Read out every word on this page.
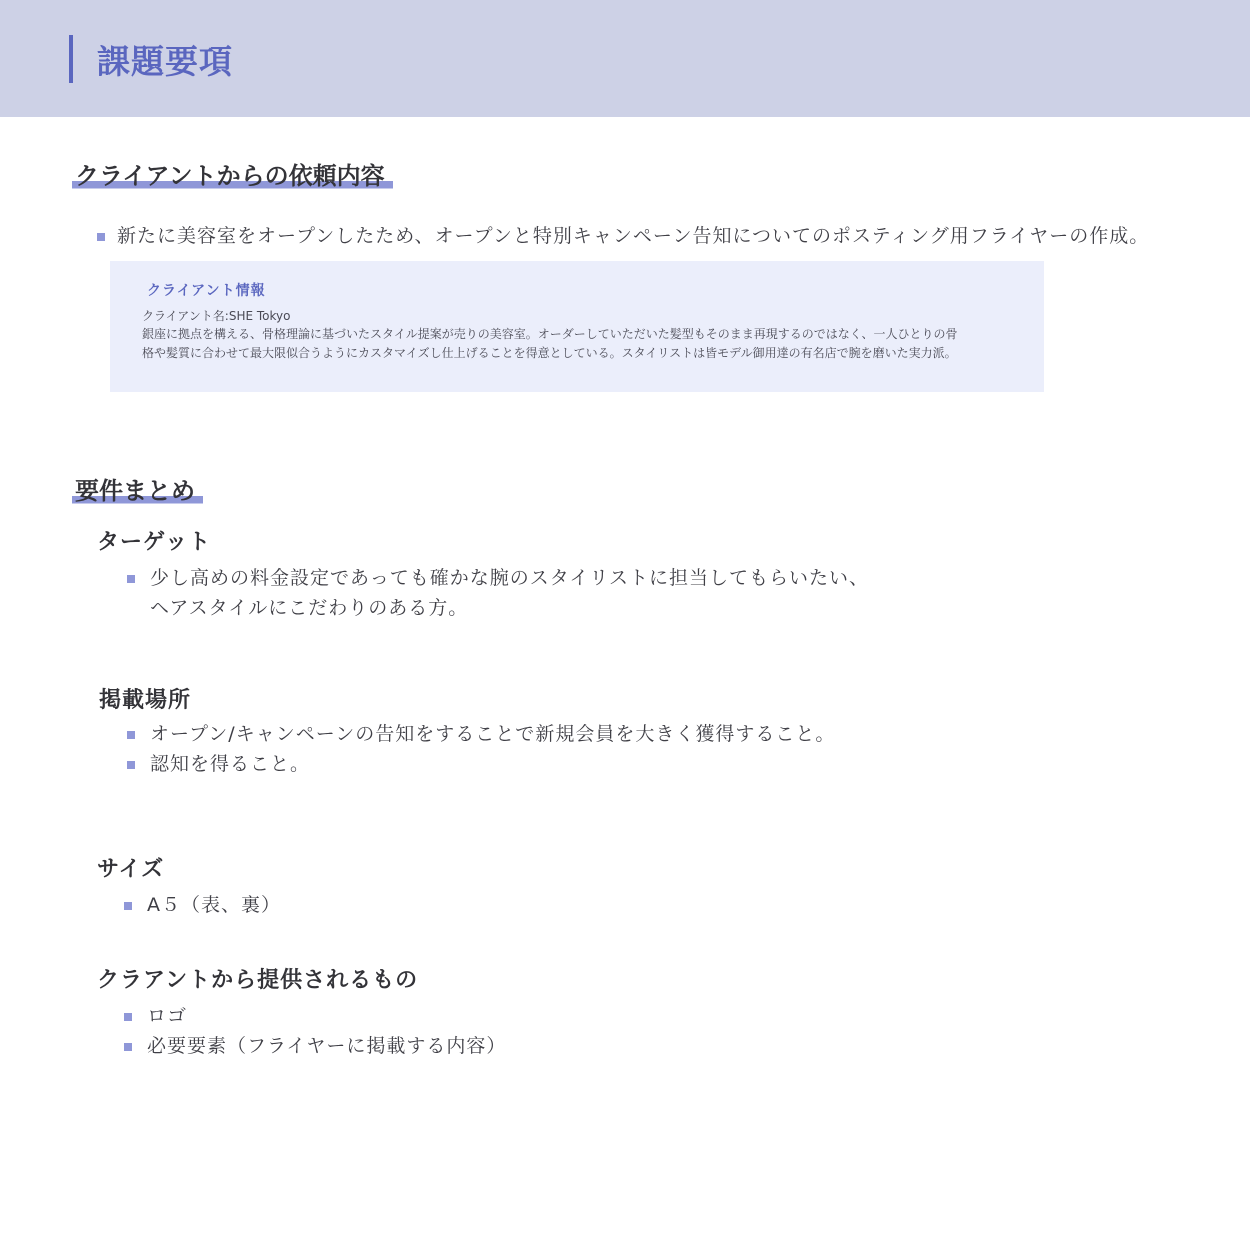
課題要項
クライアントからの依頼内容
新たに美容室をオープンしたため、オープンと特別キャンペーン告知についてのポスティング用フライヤーの作成。
クライアント情報
クライアント名:SHE Tokyo

銀座に拠点を構える、骨格理論に基づいたスタイル提案が売りの美容室。オーダーしていただいた髪型もそのまま再現するのではなく、一人ひとりの骨
格や髪質に合わせて最大限似合うようにカスタマイズし仕上げることを得意としている。スタイリストは皆モデル御用達の有名店で腕を磨いた実力派。

要件まとめ
ターゲット
少し高めの料金設定であっても確かな腕のスタイリストに担当してもらいたい、
ヘアスタイルにこだわりのある方。
掲載場所
オープン/キャンペーンの告知をすることで新規会員を大きく獲得すること。
認知を得ること。
サイズ
A５（表、裏）
クラアントから提供されるもの
ロゴ
必要要素（フライヤーに掲載する内容）
